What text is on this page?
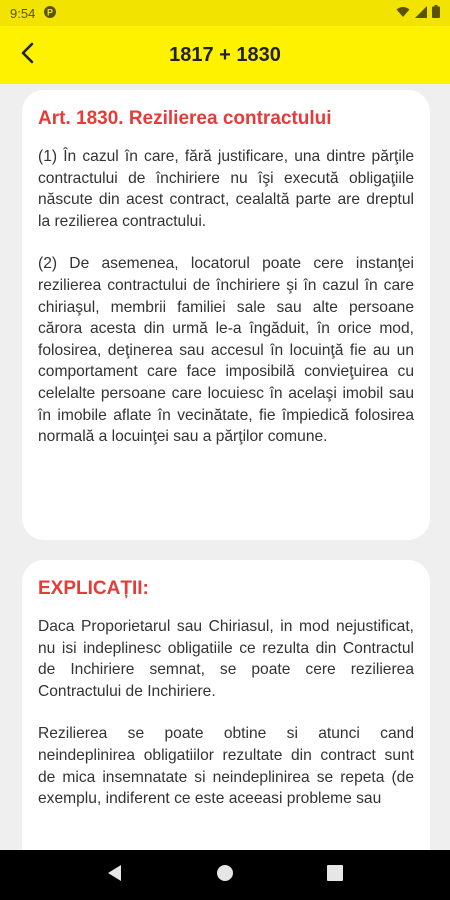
9:54 P
1817 + 1830
Art. 1830. Rezilierea contractului

(1) În cazul în care, fără justificare, una dintre părţile contractului de închiriere nu îşi execută obligaţiile născute din acest contract, cealaltă parte are dreptul la rezilierea contractului.

(2) De asemenea, locatorul poate cere instanţei rezilierea contractului de închiriere şi în cazul în care chiriaşul, membrii familiei sale sau alte persoane cărora acesta din urmă le-a îngăduit, în orice mod, folosirea, deţinerea sau accesul în locuinţă fie au un comportament care face imposibilă convieţuirea cu celelalte persoane care locuiesc în acelaşi imobil sau în imobile aflate în vecinătate, fie împiedică folosirea normală a locuinţei sau a părţilor comune.

EXPLICAȚII:

Daca Proporietarul sau Chiriasul, in mod nejustificat, nu isi indeplinesc obligatiile ce rezulta din Contractul de Inchiriere semnat, se poate cere rezilierea Contractului de Inchiriere.

Rezilierea se poate obtine si atunci cand neindeplinirea obligatiilor rezultate din contract sunt de mica insemnatate si neindeplinirea se repeta (de exemplu, indiferent ce este aceeasi probleme sau
